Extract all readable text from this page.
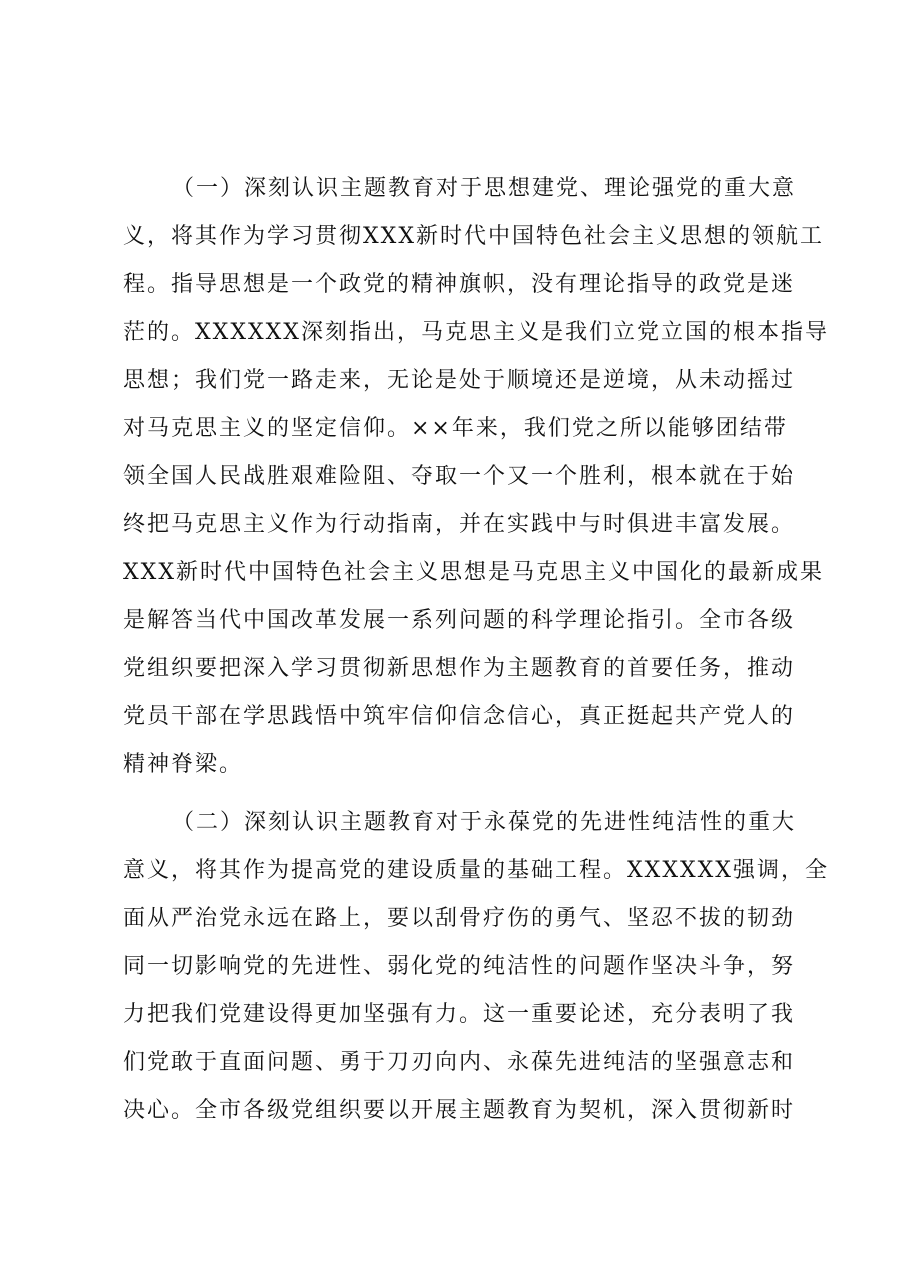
（一）深刻认识主题教育对于思想建党、理论强党的重大意

义，将其作为学习贯彻XXX新时代中国特色社会主义思想的领航工

程。指导思想是一个政党的精神旗帜，没有理论指导的政党是迷

茫的。XXXXXX深刻指出，马克思主义是我们立党立国的根本指导

思想；我们党一路走来，无论是处于顺境还是逆境，从未动摇过

对马克思主义的坚定信仰。××年来，我们党之所以能够团结带

领全国人民战胜艰难险阻、夺取一个又一个胜利，根本就在于始

终把马克思主义作为行动指南，并在实践中与时俱进丰富发展。

XXX新时代中国特色社会主义思想是马克思主义中国化的最新成果

是解答当代中国改革发展一系列问题的科学理论指引。全市各级

党组织要把深入学习贯彻新思想作为主题教育的首要任务，推动

党员干部在学思践悟中筑牢信仰信念信心，真正挺起共产党人的

精神脊梁。

（二）深刻认识主题教育对于永葆党的先进性纯洁性的重大

意义，将其作为提高党的建设质量的基础工程。XXXXXX强调，全

面从严治党永远在路上，要以刮骨疗伤的勇气、坚忍不拔的韧劲

同一切影响党的先进性、弱化党的纯洁性的问题作坚决斗争，努

力把我们党建设得更加坚强有力。这一重要论述，充分表明了我

们党敢于直面问题、勇于刀刃向内、永葆先进纯洁的坚强意志和

决心。全市各级党组织要以开展主题教育为契机，深入贯彻新时
